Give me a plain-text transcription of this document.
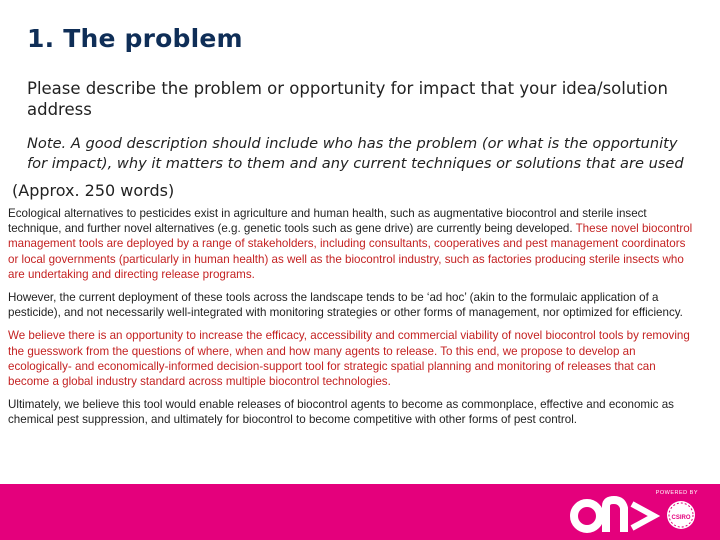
1. The problem
Please describe the problem or opportunity for impact that your idea/solution address
Note. A good description should include who has the problem (or what is the opportunity for impact), why it matters to them and any current techniques or solutions that are used
(Approx. 250 words)

Ecological alternatives to pesticides exist in agriculture and human health, such as augmentative biocontrol and sterile insect technique, and further novel alternatives (e.g. genetic tools such as gene drive) are currently being developed. These novel biocontrol management tools are deployed by a range of stakeholders, including consultants, cooperatives and pest management coordinators or local governments (particularly in human health) as well as the biocontrol industry, such as factories producing sterile insects who are undertaking and directing release programs.

However, the current deployment of these tools across the landscape tends to be ‘ad hoc’ (akin to the formulaic application of a pesticide), and not necessarily well-integrated with monitoring strategies or other forms of management, nor optimized for efficiency.

We believe there is an opportunity to increase the efficacy, accessibility and commercial viability of novel biocontrol tools by removing the guesswork from the questions of where, when and how many agents to release. To this end, we propose to develop an ecologically- and economically-informed decision-support tool for strategic spatial planning and monitoring of releases that can become a global industry standard across multiple biocontrol technologies.

Ultimately, we believe this tool would enable releases of biocontrol agents to become as commonplace, effective and economic as chemical pest suppression, and ultimately for biocontrol to become competitive with other forms of pest control.

POWERED BY
CSIRO
